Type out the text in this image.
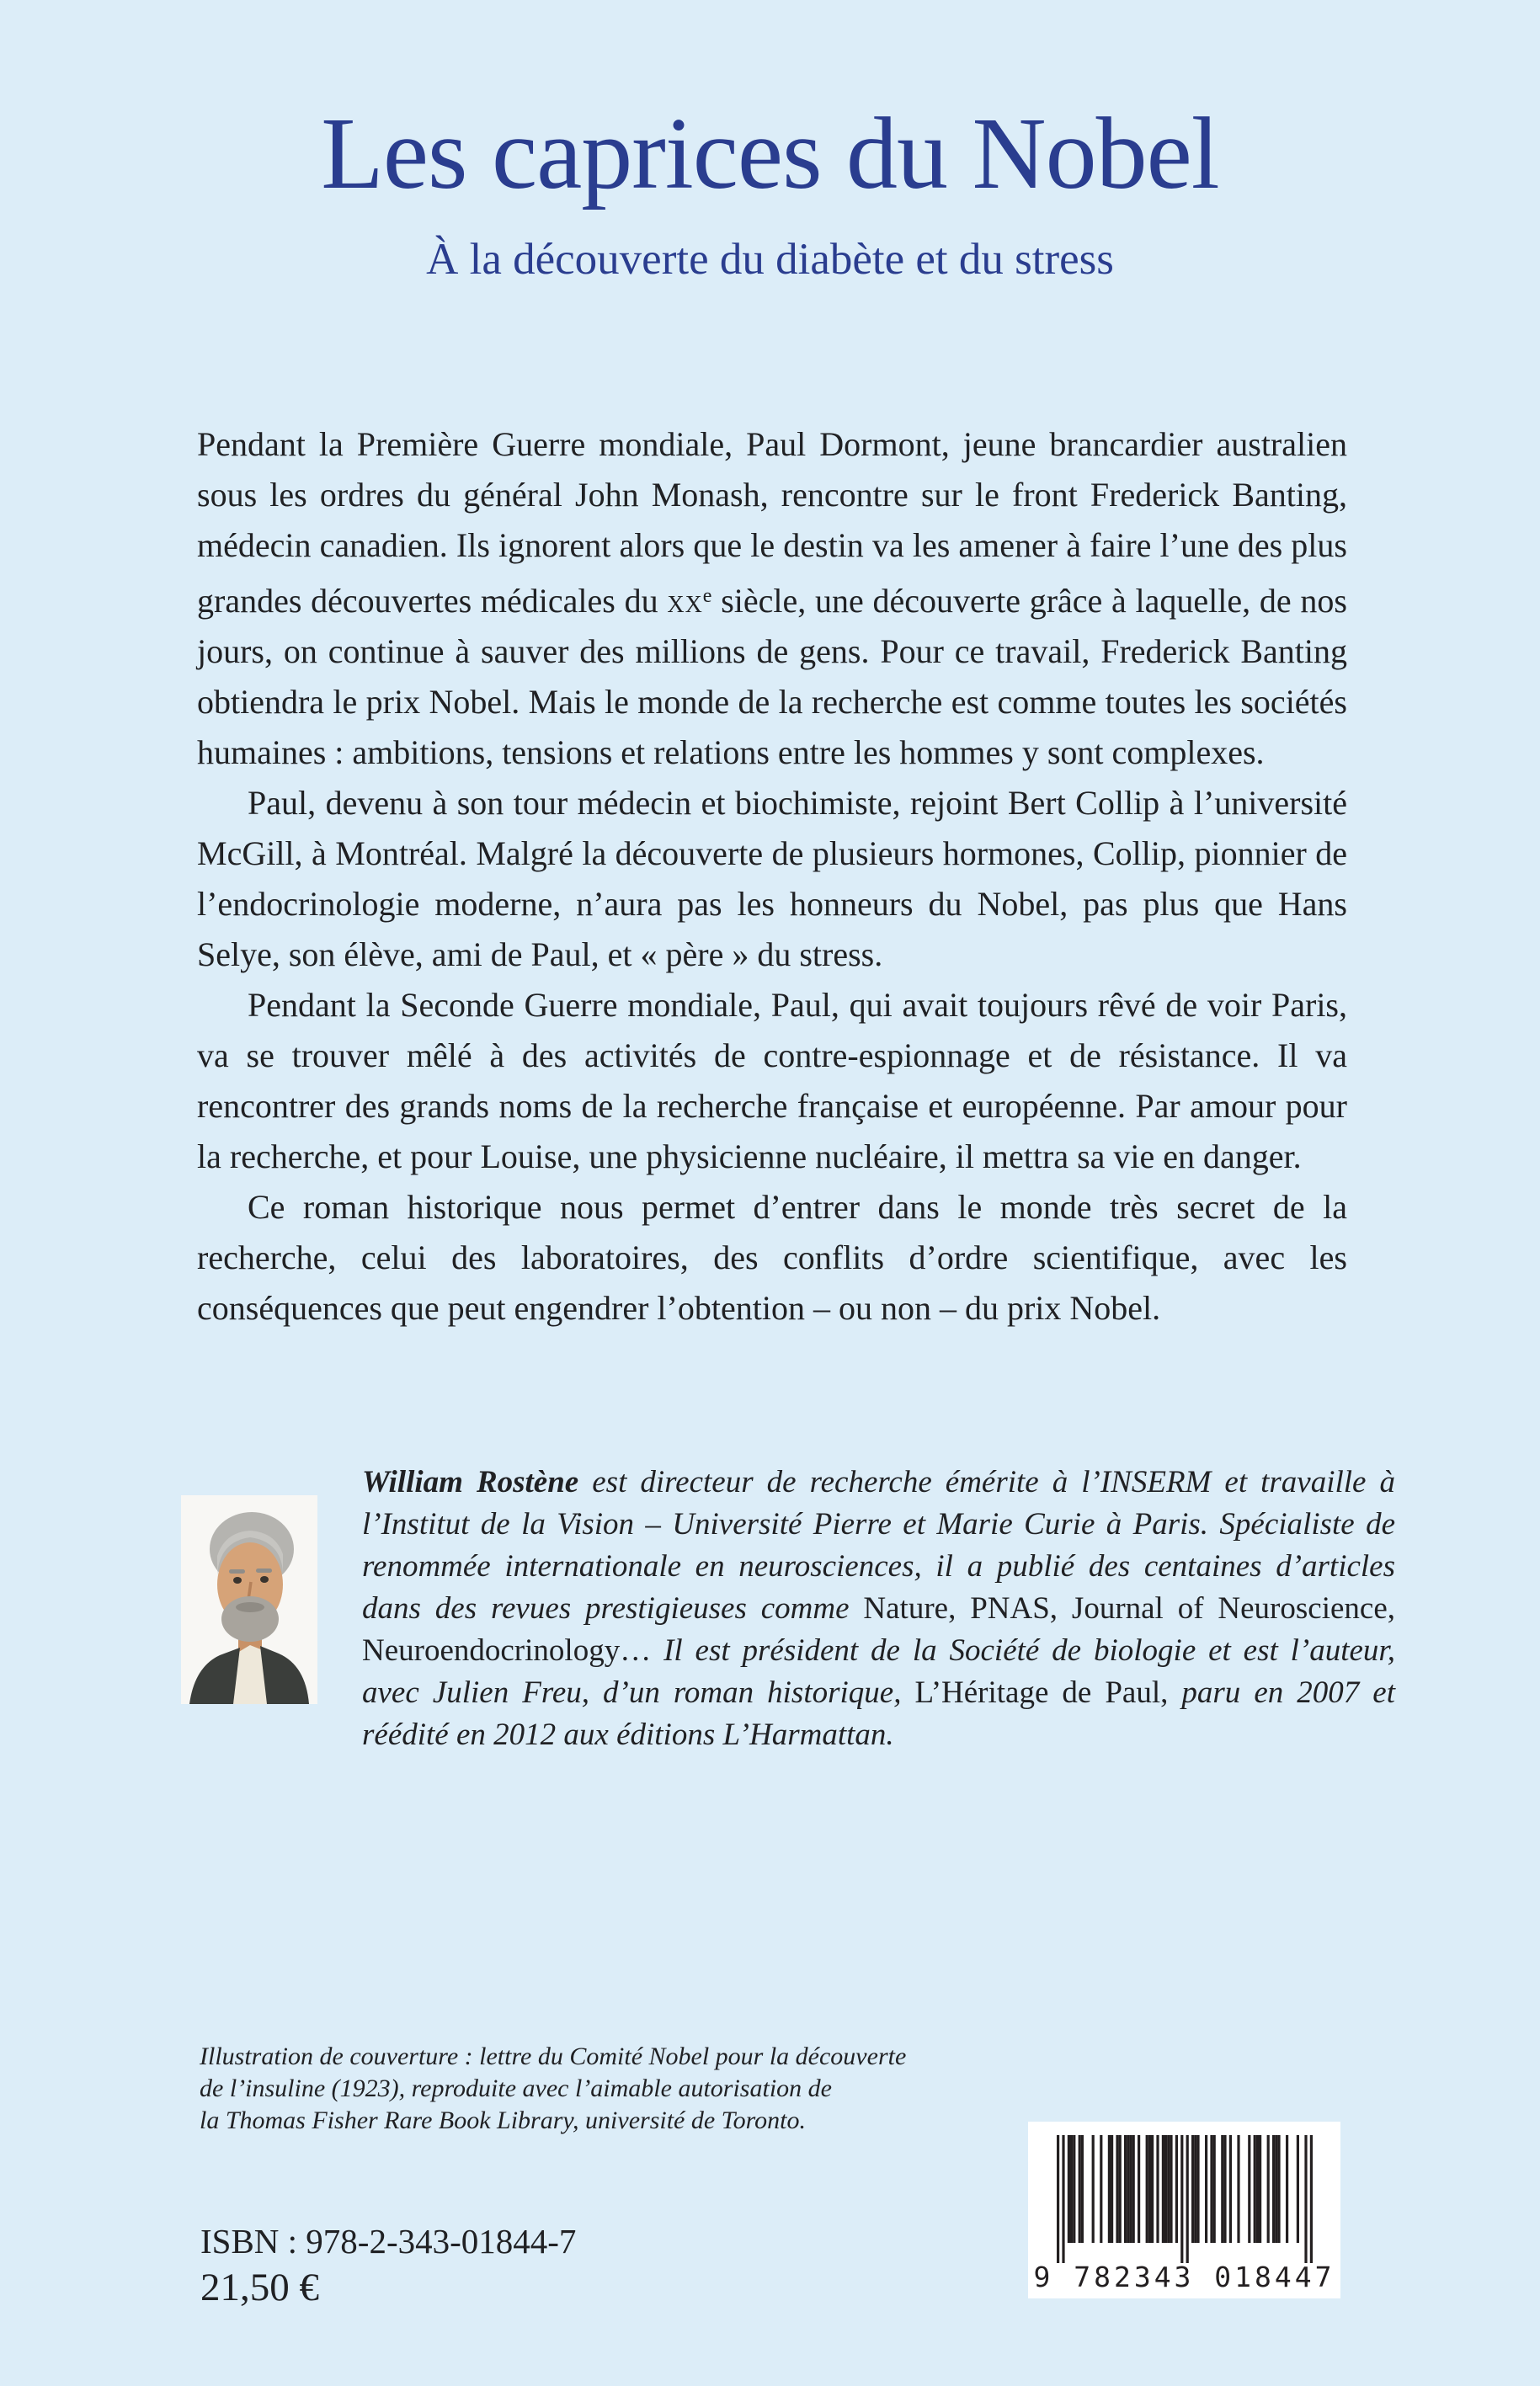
Les caprices du Nobel
À la découverte du diabète et du stress

Pendant la Première Guerre mondiale, Paul Dormont, jeune brancardier australien sous les ordres du général John Monash, rencontre sur le front Frederick Banting, médecin canadien. Ils ignorent alors que le destin va les amener à faire l’une des plus grandes découvertes médicales du $xx^e$ siècle, une découverte grâce à laquelle, de nos jours, on continue à sauver des millions de gens. Pour ce travail, Frederick Banting obtiendra le prix Nobel. Mais le monde de la recherche est comme toutes les sociétés humaines : ambitions, tensions et relations entre les hommes y sont complexes.

Paul, devenu à son tour médecin et biochimiste, rejoint Bert Collip à l’université McGill, à Montréal. Malgré la découverte de plusieurs hormones, Collip, pionnier de l’endocrinologie moderne, n’aura pas les honneurs du Nobel, pas plus que Hans Selye, son élève, ami de Paul, et « père » du stress.

Pendant la Seconde Guerre mondiale, Paul, qui avait toujours rêvé de voir Paris, va se trouver mêlé à des activités de contre-espionnage et de résistance. Il va rencontrer des grands noms de la recherche française et européenne. Par amour pour la recherche, et pour Louise, une physicienne nucléaire, il mettra sa vie en danger.

Ce roman historique nous permet d’entrer dans le monde très secret de la recherche, celui des laboratoires, des conflits d’ordre scientifique, avec les conséquences que peut engendrer l’obtention – ou non – du prix Nobel.

William Rostène est directeur de recherche émérite à l’INSERM et travaille à l’Institut de la Vision – Université Pierre et Marie Curie à Paris. Spécialiste de renommée internationale en neurosciences, il a publié des centaines d’articles dans des revues prestigieuses comme Nature, PNAS, Journal of Neuroscience, Neuroendocrinology… Il est président de la Société de biologie et est l’auteur, avec Julien Freu, d’un roman historique, L’Héritage de Paul, paru en 2007 et réédité en 2012 aux éditions L’Harmattan.

Illustration de couverture : lettre du Comité Nobel pour la découverte
de l’insuline (1923), reproduite avec l’aimable autorisation de
la Thomas Fisher Rare Book Library, université de Toronto.
ISBN : 978-2-343-01844-7
21,50 €	9 782343 018447
